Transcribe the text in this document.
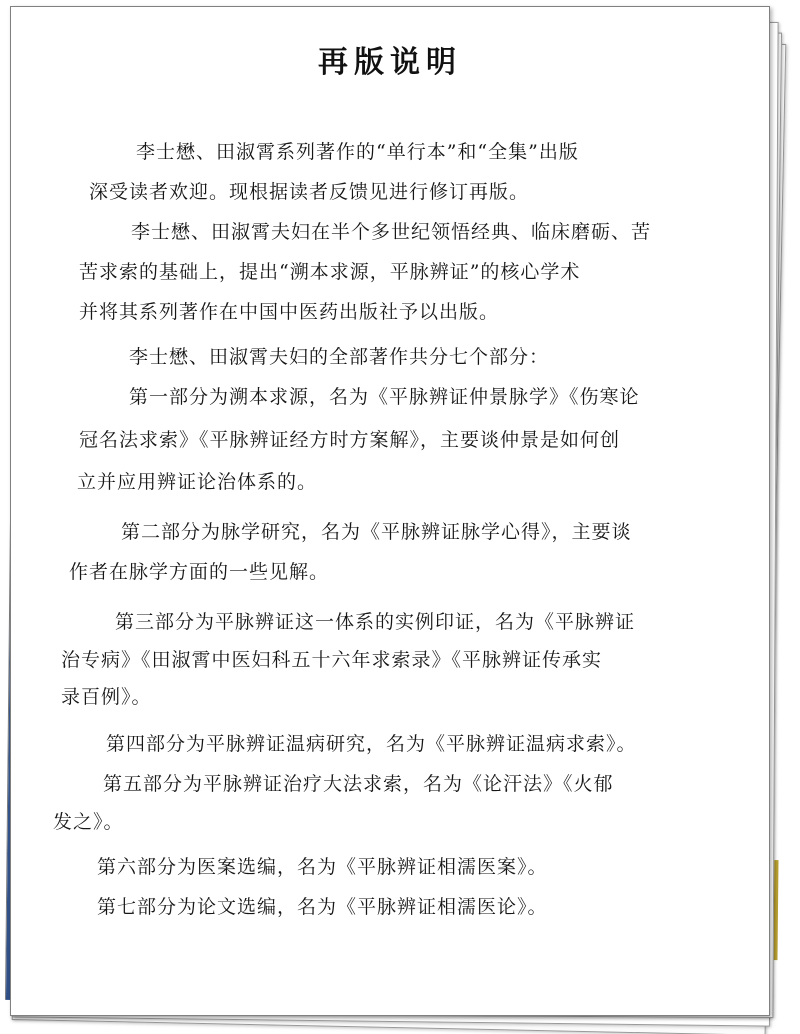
再版说明
李士懋、田淑霄系列著作的“单行本”和“全集”出版
深受读者欢迎。现根据读者反馈见进行修订再版。
李士懋、田淑霄夫妇在半个多世纪领悟经典、临床磨砺、苦
苦求索的基础上，提出“溯本求源，平脉辨证”的核心学术
并将其系列著作在中国中医药出版社予以出版。
李士懋、田淑霄夫妇的全部著作共分七个部分：
第一部分为溯本求源，名为《平脉辨证仲景脉学》《伤寒论
冠名法求索》《平脉辨证经方时方案解》，主要谈仲景是如何创
立并应用辨证论治体系的。
第二部分为脉学研究，名为《平脉辨证脉学心得》，主要谈
作者在脉学方面的一些见解。
第三部分为平脉辨证这一体系的实例印证，名为《平脉辨证
治专病》《田淑霄中医妇科五十六年求索录》《平脉辨证传承实
录百例》。
第四部分为平脉辨证温病研究，名为《平脉辨证温病求索》。
第五部分为平脉辨证治疗大法求索，名为《论汗法》《火郁
发之》。
第六部分为医案选编，名为《平脉辨证相濡医案》。
第七部分为论文选编，名为《平脉辨证相濡医论》。
